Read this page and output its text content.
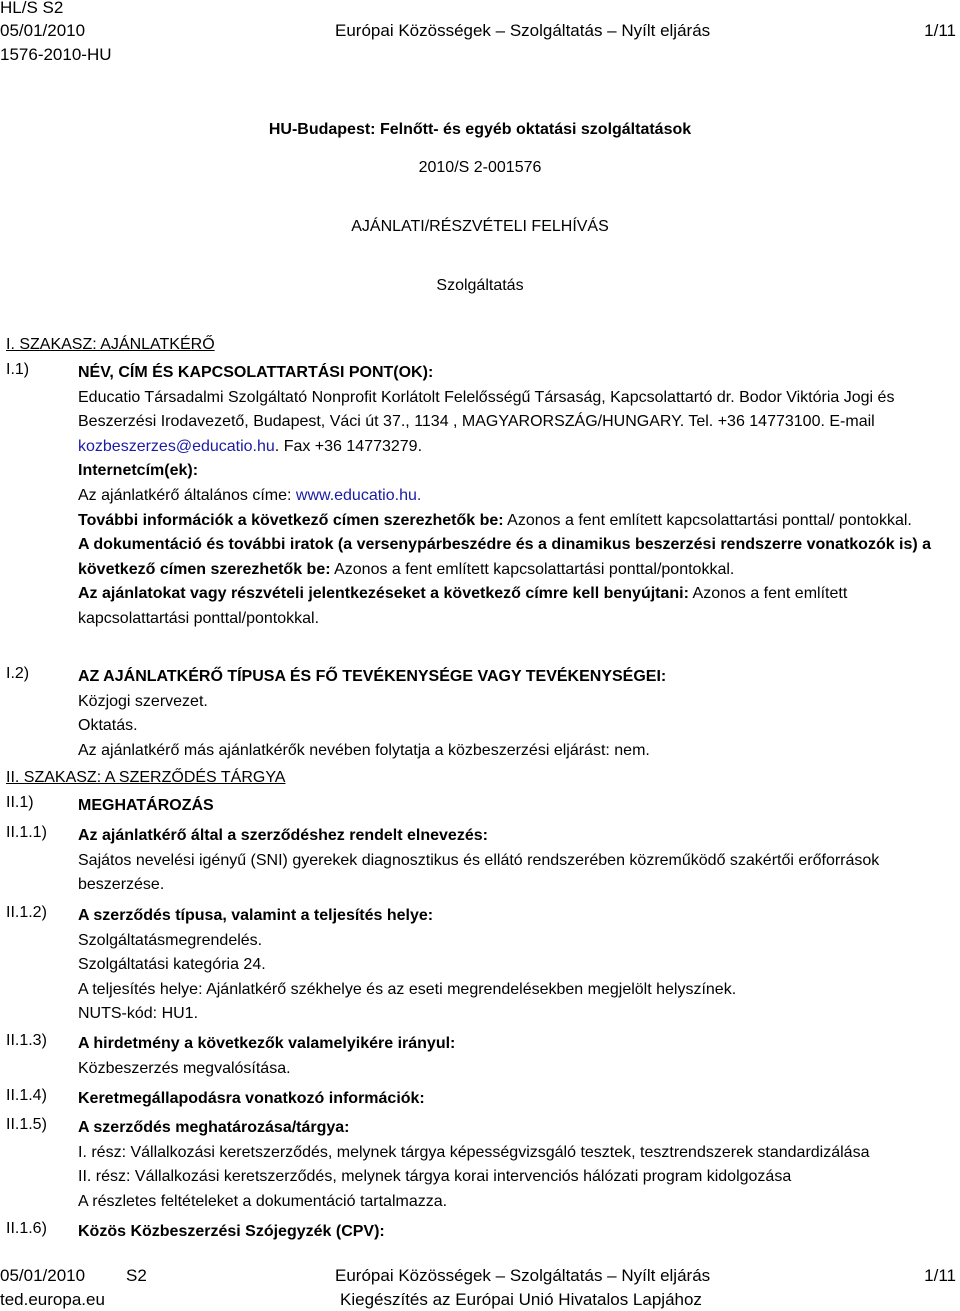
HL/S S2
05/01/2010	Európai Közösségek – Szolgáltatás – Nyílt eljárás	1/11
1576-2010-HU
HU-Budapest: Felnőtt- és egyéb oktatási szolgáltatások
2010/S 2-001576
AJÁNLATI/RÉSZVÉTELI FELHÍVÁS
Szolgáltatás
I. SZAKASZ: AJÁNLATKÉRŐ
I.1)	NÉV, CÍM ÉS KAPCSOLATTARTÁSI PONT(OK):
Educatio Társadalmi Szolgáltató Nonprofit Korlátolt Felelősségű Társaság, Kapcsolattartó dr. Bodor Viktória Jogi és Beszerzési Irodavezető, Budapest, Váci út 37., 1134 , MAGYARORSZÁG/HUNGARY. Tel. +36 14773100. E-mail kozbeszerzes@educatio.hu. Fax +36 14773279.
Internetcím(ek):
Az ajánlatkérő általános címe: www.educatio.hu.
További információk a következő címen szerezhetők be: Azonos a fent említett kapcsolattartási ponttal/ pontokkal.
A dokumentáció és további iratok (a versenypárbeszédre és a dinamikus beszerzési rendszerre vonatkozók is) a következő címen szerezhetők be: Azonos a fent említett kapcsolattartási ponttal/pontokkal.
Az ajánlatokat vagy részvételi jelentkezéseket a következő címre kell benyújtani: Azonos a fent említett kapcsolattartási ponttal/pontokkal.
I.2)	AZ AJÁNLATKÉRŐ TÍPUSA ÉS FŐ TEVÉKENYSÉGE VAGY TEVÉKENYSÉGEI:
Közjogi szervezet.
Oktatás.
Az ajánlatkérő más ajánlatkérők nevében folytatja a közbeszerzési eljárást: nem.
II. SZAKASZ: A SZERZŐDÉS TÁRGYA
II.1)	MEGHATÁROZÁS
II.1.1) Az ajánlatkérő által a szerződéshez rendelt elnevezés:
Sajátos nevelési igényű (SNI) gyerekek diagnosztikus és ellátó rendszerében közreműködő szakértői erőforrások beszerzése.
II.1.2) A szerződés típusa, valamint a teljesítés helye:
Szolgáltatásmegrendelés.
Szolgáltatási kategória 24.
A teljesítés helye: Ajánlatkérő székhelye és az eseti megrendelésekben megjelölt helyszínek.
NUTS-kód: HU1.
II.1.3) A hirdetmény a következők valamelyikére irányul:
Közbeszerzés megvalósítása.
II.1.4) Keretmegállapodásra vonatkozó információk:
II.1.5) A szerződés meghatározása/tárgya:
I. rész: Vállalkozási keretszerződés, melynek tárgya képességvizsgáló tesztek, tesztrendszerek standardizálása
II. rész: Vállalkozási keretszerződés, melynek tárgya korai intervenciós hálózati program kidolgozása
A részletes feltételeket a dokumentáció tartalmazza.
II.1.6) Közös Közbeszerzési Szójegyzék (CPV):
05/01/2010 S2	Európai Közösségek – Szolgáltatás – Nyílt eljárás	1/11
ted.europa.eu	Kiegészítés az Európai Unió Hivatalos Lapjához
